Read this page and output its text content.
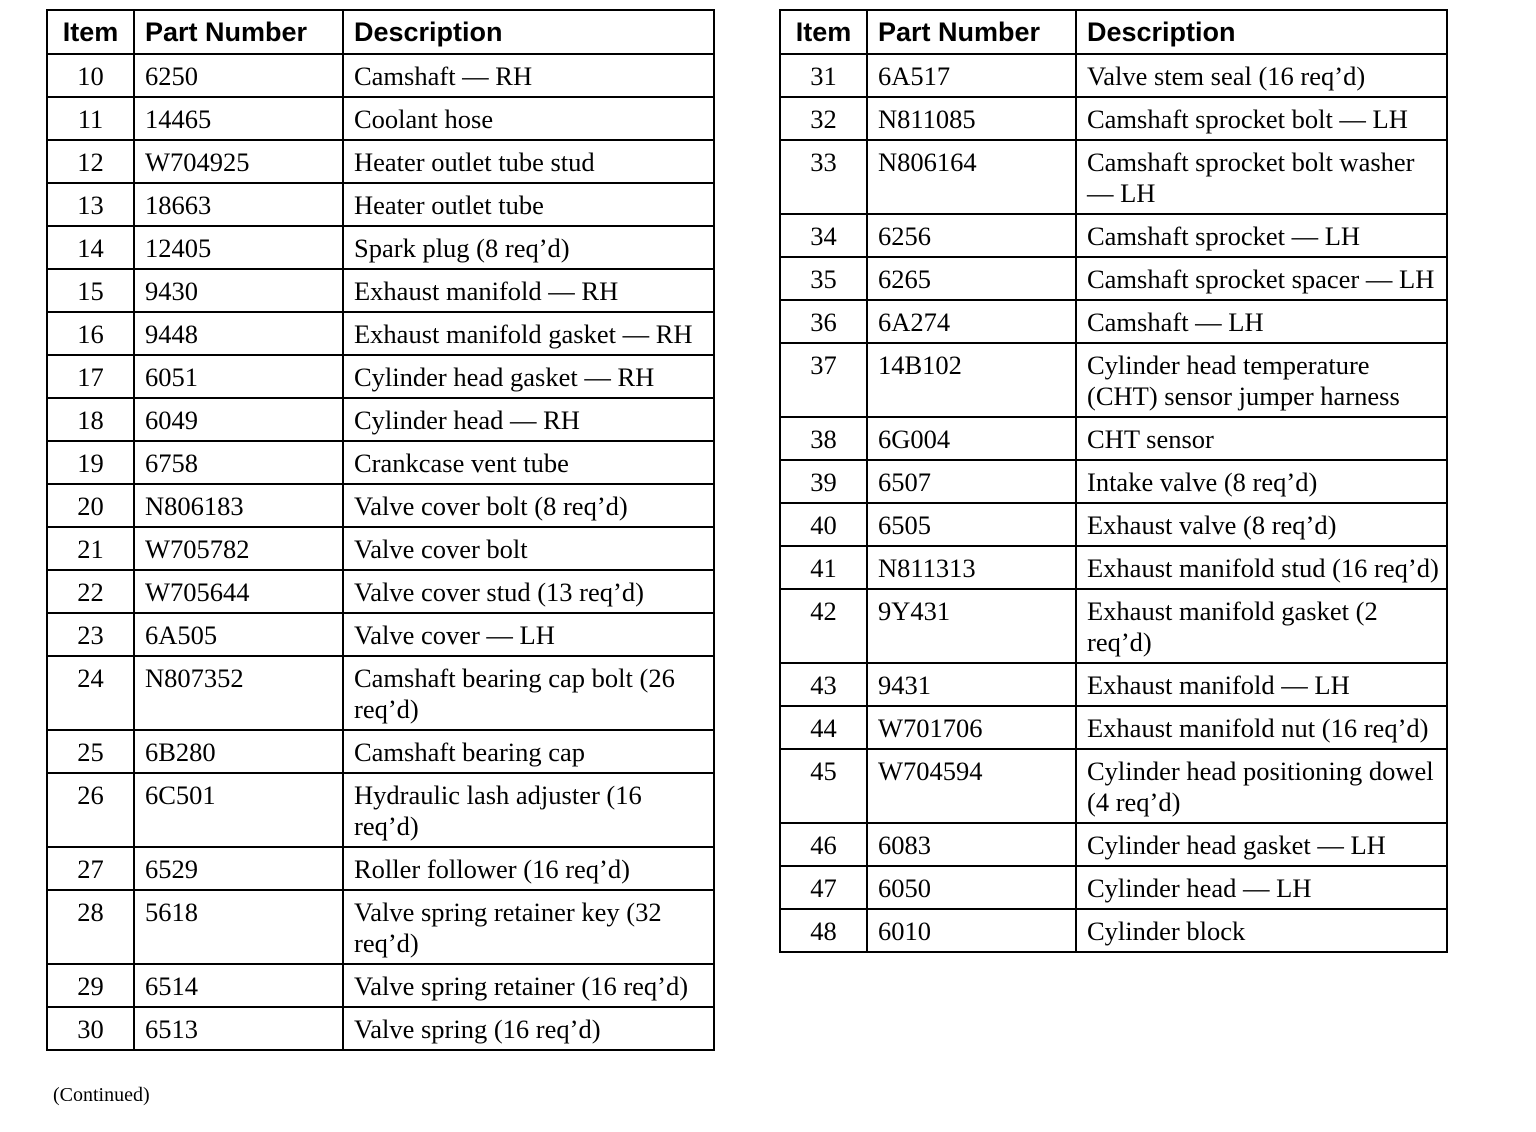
Item	Part Number	Description
10	6250	Camshaft — RH
11	14465	Coolant hose
12	W704925	Heater outlet tube stud
13	18663	Heater outlet tube
14	12405	Spark plug (8 req’d)
15	9430	Exhaust manifold — RH
16	9448	Exhaust manifold gasket — RH
17	6051	Cylinder head gasket — RH
18	6049	Cylinder head — RH
19	6758	Crankcase vent tube
20	N806183	Valve cover bolt (8 req’d)
21	W705782	Valve cover bolt
22	W705644	Valve cover stud (13 req’d)
23	6A505	Valve cover — LH
24	N807352	Camshaft bearing cap bolt (26 req’d)
25	6B280	Camshaft bearing cap
26	6C501	Hydraulic lash adjuster (16 req’d)
27	6529	Roller follower (16 req’d)
28	5618	Valve spring retainer key (32 req’d)
29	6514	Valve spring retainer (16 req’d)
30	6513	Valve spring (16 req’d)
Item	Part Number	Description
31	6A517	Valve stem seal (16 req’d)
32	N811085	Camshaft sprocket bolt — LH
33	N806164	Camshaft sprocket bolt washer — LH
34	6256	Camshaft sprocket — LH
35	6265	Camshaft sprocket spacer — LH
36	6A274	Camshaft — LH
37	14B102	Cylinder head temperature (CHT) sensor jumper harness
38	6G004	CHT sensor
39	6507	Intake valve (8 req’d)
40	6505	Exhaust valve (8 req’d)
41	N811313	Exhaust manifold stud (16 req’d)
42	9Y431	Exhaust manifold gasket (2 req’d)
43	9431	Exhaust manifold — LH
44	W701706	Exhaust manifold nut (16 req’d)
45	W704594	Cylinder head positioning dowel (4 req’d)
46	6083	Cylinder head gasket — LH
47	6050	Cylinder head — LH
48	6010	Cylinder block
(Continued)
